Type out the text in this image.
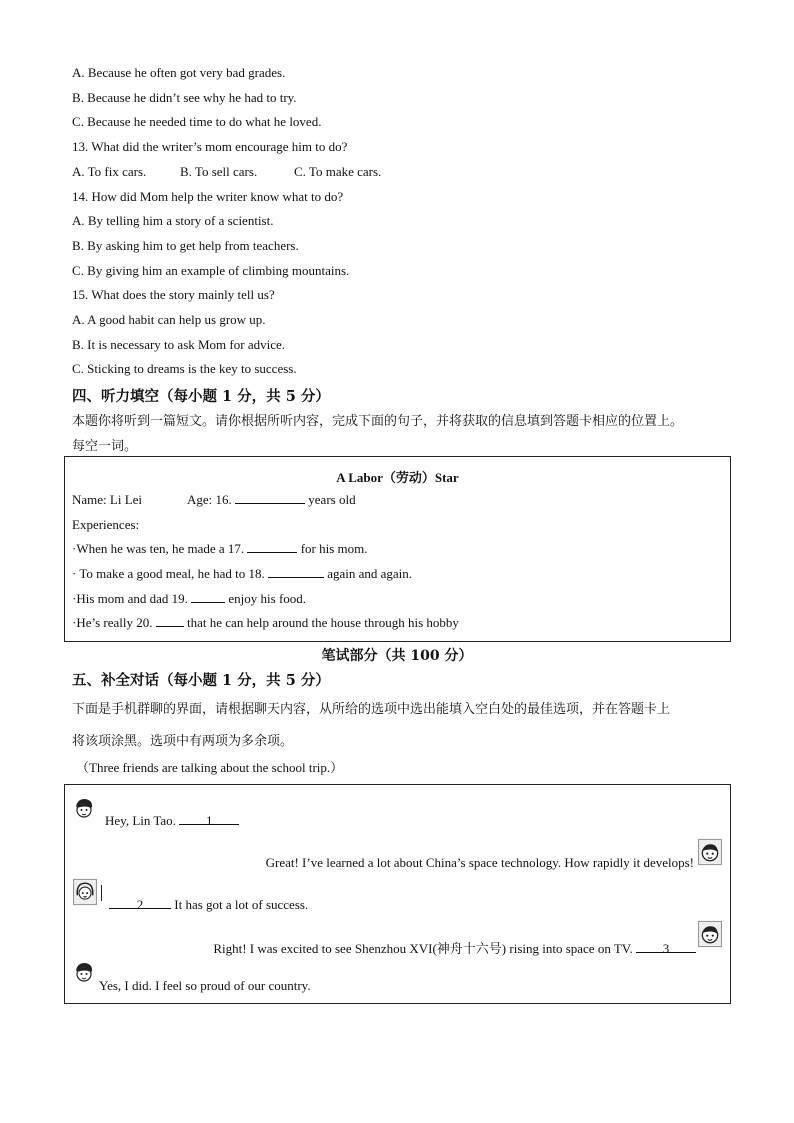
A. Because he often got very bad grades.
B. Because he didn’t see why he had to try.
C. Because he needed time to do what he loved.
13. What did the writer’s mom encourage him to do?
A. To fix cars.	B. To sell cars.	C. To make cars.
14. How did Mom help the writer know what to do?
A. By telling him a story of a scientist.
B. By asking him to get help from teachers.
C. By giving him an example of climbing mountains.
15. What does the story mainly tell us?
A. A good habit can help us grow up.
B. It is necessary to ask Mom for advice.
C. Sticking to dreams is the key to success.
四、听力填空（每小题 1 分，共 5 分）
本题你将听到一篇短文。请你根据所听内容，完成下面的句子，并将获取的信息填到答题卡相应的位置上。
每空一词。
A Labor（劳动）Star
Name: Li Lei	Age: 16.	years old
Experiences:
·When he was ten, he made a 17.	for his mom.
· To make a good meal, he had to 18.	again and again.
·His mom and dad 19.	enjoy his food.
·He’s really 20.	that he can help around the house through his hobby
笔试部分（共 100 分）
五、补全对话（每小题 1 分，共 5 分）
下面是手机群聊的界面，请根据聊天内容，从所给的选项中选出能填入空白处的最佳选项，并在答题卡上
将该项涂黑。选项中有两项为多余项。
（Three friends are talking about the school trip.）
Hey, Lin Tao. 1
Great! I’ve learned a lot about China’s space technology. How rapidly it develops!
2 It has got a lot of success.
Right! I was excited to see Shenzhou XVI(神舟十六号) rising into space on TV. 3
Yes, I did. I feel so proud of our country.
